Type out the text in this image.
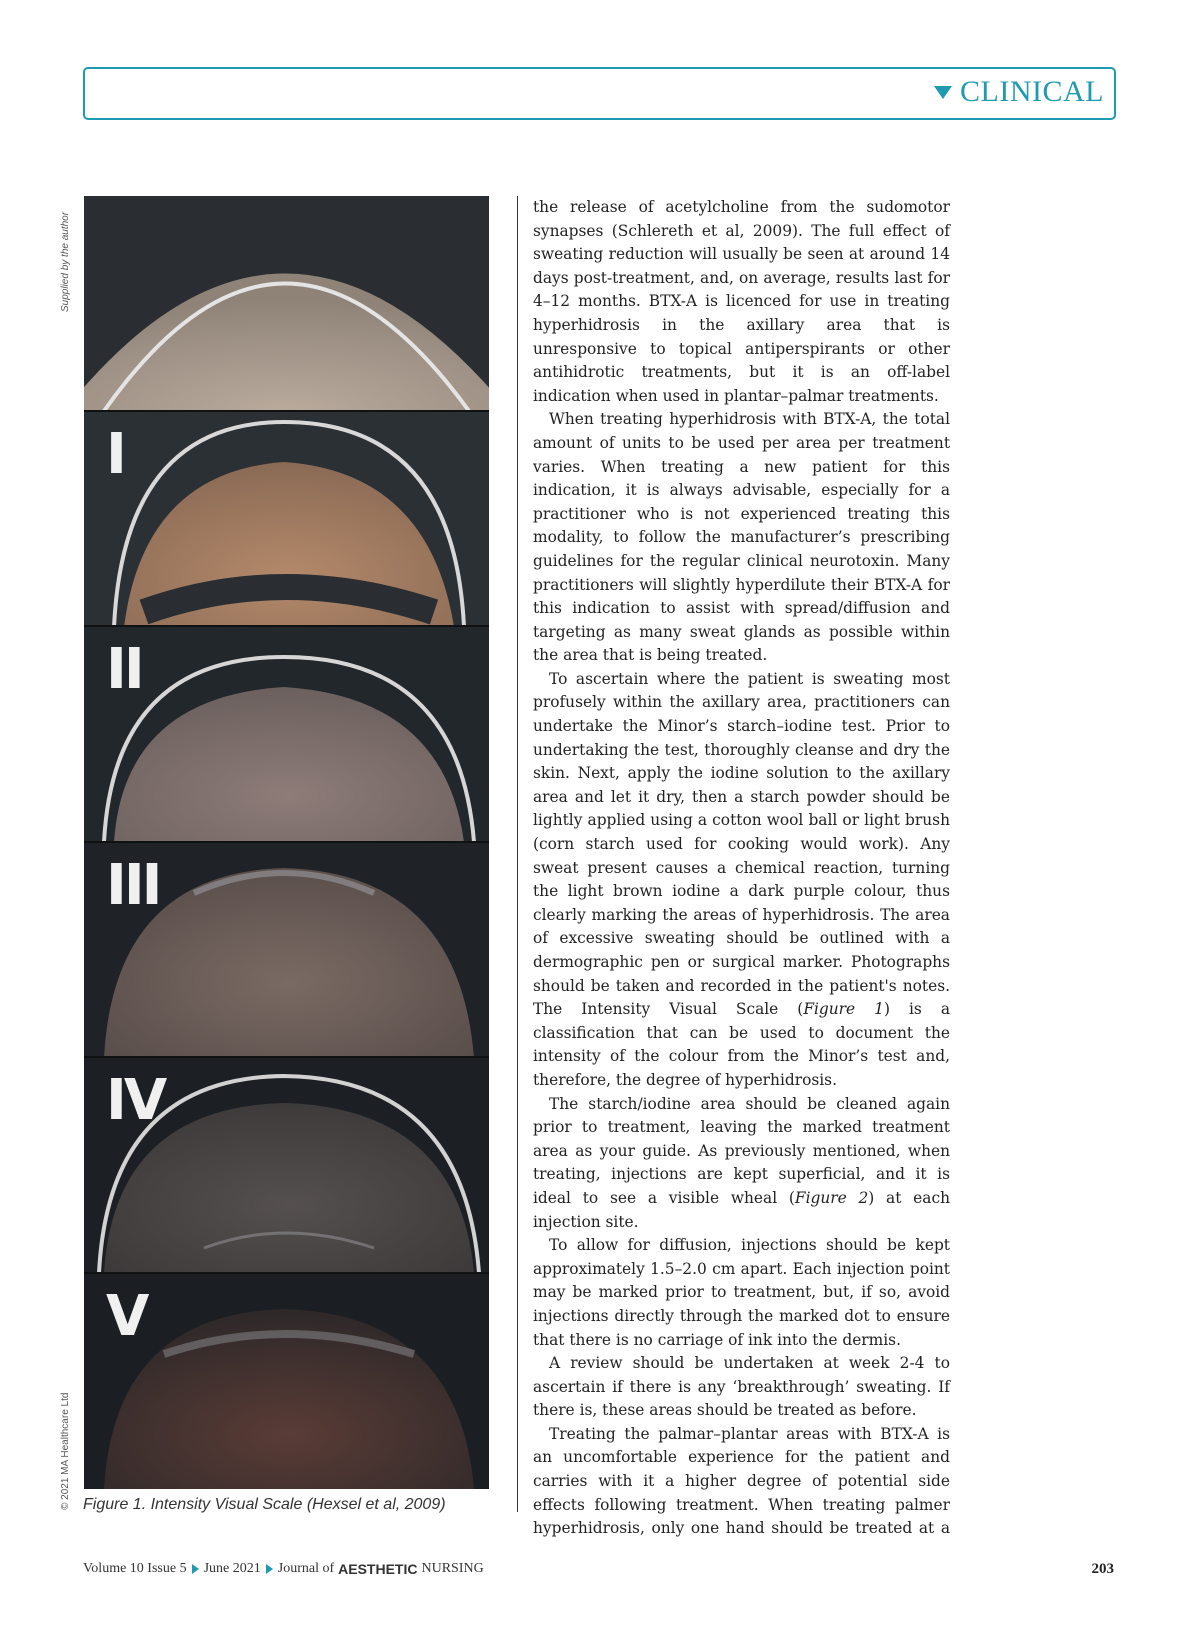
CLINICAL
Supplied by the author
© 2021 MA Healthcare Ltd
I
II
III
IV
V
Figure 1. Intensity Visual Scale (Hexsel et al, 2009)

the release of acetylcholine from the sudomotor synapses (Schlereth et al, 2009). The full effect of sweating reduction will usually be seen at around 14 days post-treatment, and, on average, results last for 4–12 months. BTX-A is licenced for use in treating hyperhidrosis in the axillary area that is unresponsive to topical antiperspirants or other antihidrotic treatments, but it is an off-label indication when used in plantar–palmar treatments.

When treating hyperhidrosis with BTX-A, the total amount of units to be used per area per treatment varies. When treating a new patient for this indication, it is always advisable, especially for a practitioner who is not experienced treating this modality, to follow the manufacturer’s prescribing guidelines for the regular clinical neurotoxin. Many practitioners will slightly hyperdilute their BTX-A for this indication to assist with spread/diffusion and targeting as many sweat glands as possible within the area that is being treated.

To ascertain where the patient is sweating most profusely within the axillary area, practitioners can undertake the Minor’s starch–iodine test. Prior to undertaking the test, thoroughly cleanse and dry the skin. Next, apply the iodine solution to the axillary area and let it dry, then a starch powder should be lightly applied using a cotton wool ball or light brush (corn starch used for cooking would work). Any sweat present causes a chemical reaction, turning the light brown iodine a dark purple colour, thus clearly marking the areas of hyperhidrosis. The area of excessive sweating should be outlined with a dermographic pen or surgical marker. Photographs should be taken and recorded in the patient's notes. The Intensity Visual Scale (Figure 1) is a classification that can be used to document the intensity of the colour from the Minor’s test and, therefore, the degree of hyperhidrosis.

The starch/iodine area should be cleaned again prior to treatment, leaving the marked treatment area as your guide. As previously mentioned, when treating, injections are kept superficial, and it is ideal to see a visible wheal (Figure 2) at each injection site.

To allow for diffusion, injections should be kept approximately 1.5–2.0 cm apart. Each injection point may be marked prior to treatment, but, if so, avoid injections directly through the marked dot to ensure that there is no carriage of ink into the dermis.

A review should be undertaken at week 2-4 to ascertain if there is any ‘breakthrough’ sweating. If there is, these areas should be treated as before.

Treating the palmar–plantar areas with BTX-A is an uncomfortable experience for the patient and carries with it a higher degree of potential side effects following treatment. When treating palmer hyperhidrosis, only one hand should be treated at a

Volume 10 Issue 5 June 2021 Journal of AESTHETIC NURSING	203
